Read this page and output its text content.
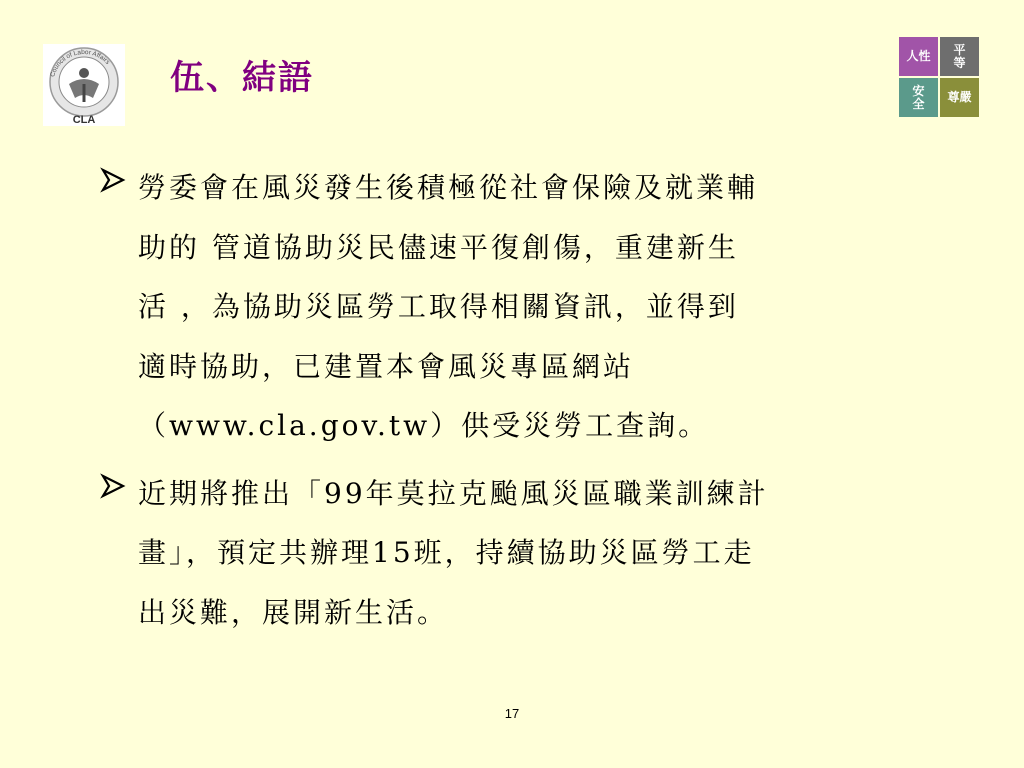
Council of Labor Affairs
CLA
伍、結語
人性 平
等
安
全 尊嚴
勞委會在風災發生後積極從社會保險及就業輔
助的 管道協助災民儘速平復創傷，重建新生
活 ，為協助災區勞工取得相關資訊，並得到
適時協助，已建置本會風災專區網站
（www.cla.gov.tw）供受災勞工查詢。
近期將推出「99年莫拉克颱風災區職業訓練計
畫」，預定共辦理15班，持續協助災區勞工走
出災難，展開新生活。
17
